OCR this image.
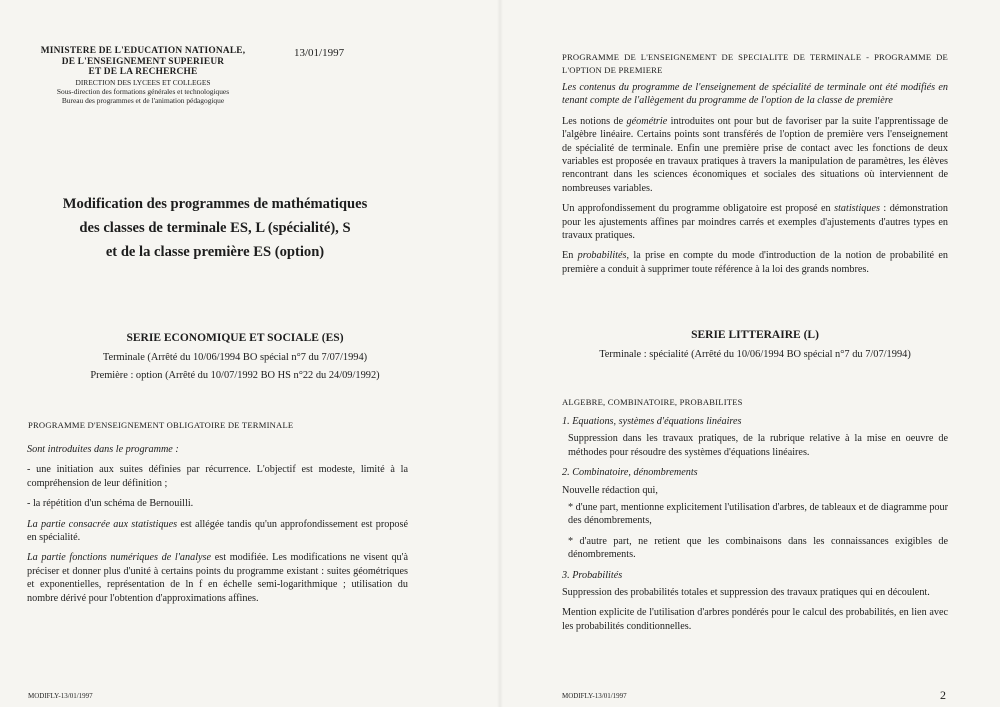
MINISTERE DE L'EDUCATION NATIONALE,
DE L'ENSEIGNEMENT SUPERIEUR
ET DE LA RECHERCHE
DIRECTION DES LYCEES ET COLLEGES
Sous-direction des formations générales et technologiques
Bureau des programmes et de l'animation pédagogique
13/01/1997
Modification des programmes de mathématiques
des classes de terminale ES, L (spécialité), S
et de la classe première ES (option)
SERIE ECONOMIQUE ET SOCIALE (ES)
Terminale (Arrêté du 10/06/1994 BO spécial n°7 du 7/07/1994)
Première : option (Arrêté du 10/07/1992 BO HS n°22 du 24/09/1992)
PROGRAMME D'ENSEIGNEMENT OBLIGATOIRE DE TERMINALE

Sont introduites dans le programme :

- une initiation aux suites définies par récurrence. L'objectif est modeste, limité à la compréhension de leur définition ;

- la répétition d'un schéma de Bernouilli.

La partie consacrée aux statistiques est allégée tandis qu'un approfondissement est proposé en spécialité.

La partie fonctions numériques de l'analyse est modifiée. Les modifications ne visent qu'à préciser et donner plus d'unité à certains points du programme existant : suites géométriques et exponentielles, représentation de ln f en échelle semi-logarithmique ; utilisation du nombre dérivé pour l'obtention d'approximations affines.

MODIFLY-13/01/1997
PROGRAMME DE L'ENSEIGNEMENT DE SPECIALITE DE TERMINALE - PROGRAMME DE L'OPTION DE PREMIERE

Les contenus du programme de l'enseignement de spécialité de terminale ont été modifiés en tenant compte de l'allègement du programme de l'option de la classe de première

Les notions de géométrie introduites ont pour but de favoriser par la suite l'apprentissage de l'algèbre linéaire. Certains points sont transférés de l'option de première vers l'enseignement de spécialité de terminale. Enfin une première prise de contact avec les fonctions de deux variables est proposée en travaux pratiques à travers la manipulation de paramètres, les élèves rencontrant dans les sciences économiques et sociales des situations où interviennent de nombreuses variables.

Un approfondissement du programme obligatoire est proposé en statistiques : démonstration pour les ajustements affines par moindres carrés et exemples d'ajustements d'autres types en travaux pratiques.

En probabilités, la prise en compte du mode d'introduction de la notion de probabilité en première a conduit à supprimer toute référence à la loi des grands nombres.

SERIE LITTERAIRE (L)
Terminale : spécialité (Arrêté du 10/06/1994 BO spécial n°7 du 7/07/1994)
ALGEBRE, COMBINATOIRE, PROBABILITES

1. Equations, systèmes d'équations linéaires

Suppression dans les travaux pratiques, de la rubrique relative à la mise en oeuvre de méthodes pour résoudre des systèmes d'équations linéaires.

2. Combinatoire, dénombrements

Nouvelle rédaction qui,

* d'une part, mentionne explicitement l'utilisation d'arbres, de tableaux et de diagramme pour des dénombrements,

* d'autre part, ne retient que les combinaisons dans les connaissances exigibles de dénombrements.

3. Probabilités

Suppression des probabilités totales et suppression des travaux pratiques qui en découlent.

Mention explicite de l'utilisation d'arbres pondérés pour le calcul des probabilités, en lien avec les probabilités conditionnelles.

MODIFLY-13/01/1997	2
